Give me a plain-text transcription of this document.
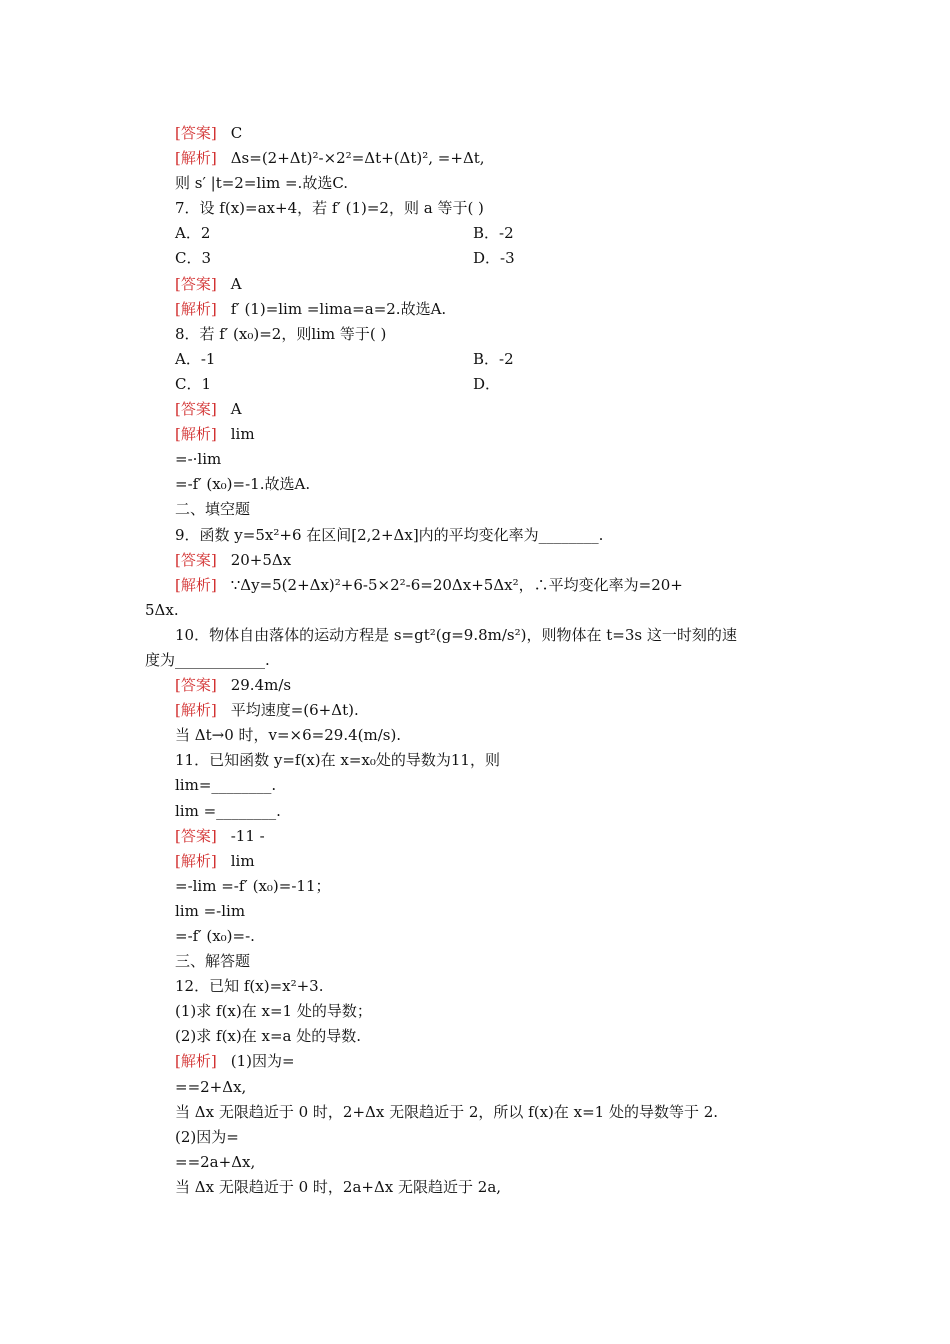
[答案] C
[解析] Δs=(2+Δt)²-×2²=Δt+(Δt)², =+Δt,
则 s′ |t=2=lim =.故选C.
7．设 f(x)=ax+4，若 f′ (1)=2，则 a 等于( )
A．2	B．-2
C．3	D．-3
[答案] A
[解析] f′ (1)=lim =lima=a=2.故选A.
8．若 f′ (x₀)=2，则lim 等于( )
A．-1	B．-2
C．1	D．
[答案] A
[解析] lim
=-·lim
=-f′ (x₀)=-1.故选A.
二、填空题
9．函数 y=5x²+6 在区间[2,2+Δx]内的平均变化率为________.
[答案] 20+5Δx
[解析] ∵Δy=5(2+Δx)²+6-5×2²-6=20Δx+5Δx²，∴平均变化率为=20+
5Δx.
10．物体自由落体的运动方程是 s=gt²(g=9.8m/s²)，则物体在 t=3s 这一时刻的速
度为____________.
[答案] 29.4m/s
[解析] 平均速度=(6+Δt).
当 Δt→0 时，v=×6=29.4(m/s).
11．已知函数 y=f(x)在 x=x₀处的导数为11，则
lim=________.
lim =________.
[答案] -11 -
[解析] lim
=-lim =-f′ (x₀)=-11；
lim =-lim
=-f′ (x₀)=-.
三、解答题
12．已知 f(x)=x²+3.
(1)求 f(x)在 x=1 处的导数；
(2)求 f(x)在 x=a 处的导数.
[解析] (1)因为=
==2+Δx,
当 Δx 无限趋近于 0 时，2+Δx 无限趋近于 2，所以 f(x)在 x=1 处的导数等于 2.
(2)因为=
==2a+Δx,
当 Δx 无限趋近于 0 时，2a+Δx 无限趋近于 2a,
